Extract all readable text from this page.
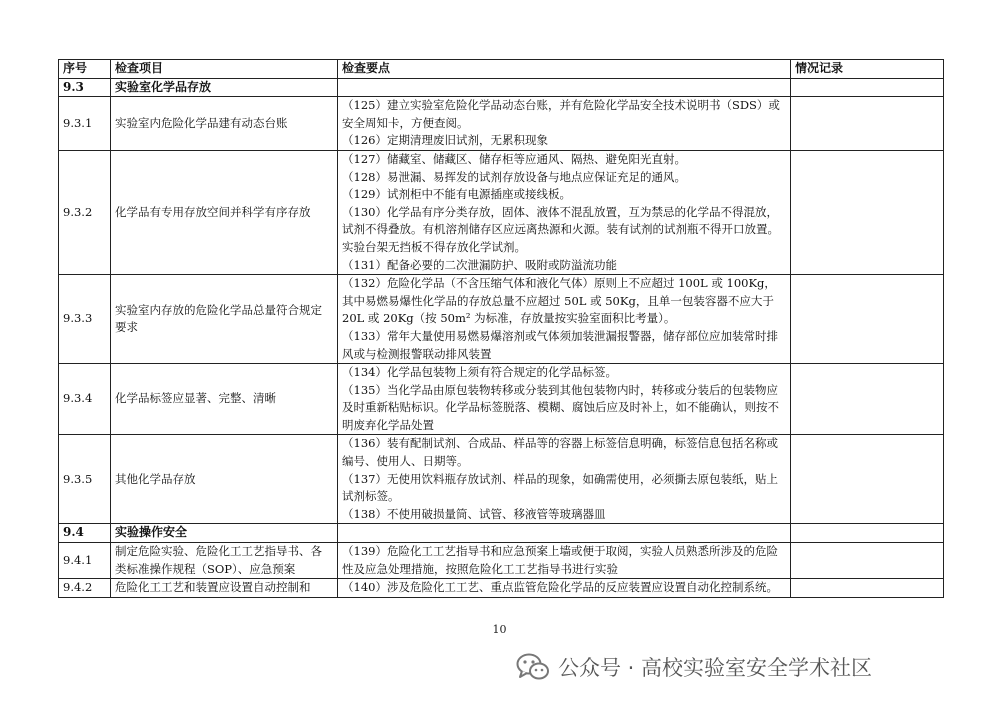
序号	检查项目	检查要点	情况记录
9.3	实验室化学品存放		
9.3.1	实验室内危险化学品建有动态台账	（125）建立实验室危险化学品动态台账，并有危险化学品安全技术说明书（SDS）或安全周知卡，方便查阅。
（126）定期清理废旧试剂，无累积现象	

9.3.2	化学品有专用存放空间并科学有序存放	（127）储藏室、储藏区、储存柜等应通风、隔热、避免阳光直射。
（128）易泄漏、易挥发的试剂存放设备与地点应保证充足的通风。
（129）试剂柜中不能有电源插座或接线板。
（130）化学品有序分类存放，固体、液体不混乱放置，互为禁忌的化学品不得混放，试剂不得叠放。有机溶剂储存区应远离热源和火源。装有试剂的试剂瓶不得开口放置。实验台架无挡板不得存放化学试剂。
（131）配备必要的二次泄漏防护、吸附或防溢流功能	

9.3.3	实验室内存放的危险化学品总量符合规定要求	（132）危险化学品（不含压缩气体和液化气体）原则上不应超过 100L 或 100Kg，其中易燃易爆性化学品的存放总量不应超过 50L 或 50Kg，且单一包装容器不应大于 20L 或 20Kg（按 50m² 为标准，存放量按实验室面积比考量）。
（133）常年大量使用易燃易爆溶剂或气体须加装泄漏报警器，储存部位应加装常时排风或与检测报警联动排风装置	

9.3.4	化学品标签应显著、完整、清晰	（134）化学品包装物上须有符合规定的化学品标签。
（135）当化学品由原包装物转移或分装到其他包装物内时，转移或分装后的包装物应及时重新粘贴标识。化学品标签脱落、模糊、腐蚀后应及时补上，如不能确认，则按不明废弃化学品处置	

9.3.5	其他化学品存放	（136）装有配制试剂、合成品、样品等的容器上标签信息明确，标签信息包括名称或编号、使用人、日期等。
（137）无使用饮料瓶存放试剂、样品的现象，如确需使用，必须撕去原包装纸，贴上试剂标签。
（138）不使用破损量筒、试管、移液管等玻璃器皿	

9.4	实验操作安全		
9.4.1	制定危险实验、危险化工工艺指导书、各类标准操作规程（SOP）、应急预案	（139）危险化工工艺指导书和应急预案上墙或便于取阅，实验人员熟悉所涉及的危险性及应急处理措施，按照危险化工工艺指导书进行实验	

9.4.2	危险化工工艺和装置应设置自动控制和	（140）涉及危险化工工艺、重点监管危险化学品的反应装置应设置自动化控制系统。	

10
公众号 · 高校实验室安全学术社区
